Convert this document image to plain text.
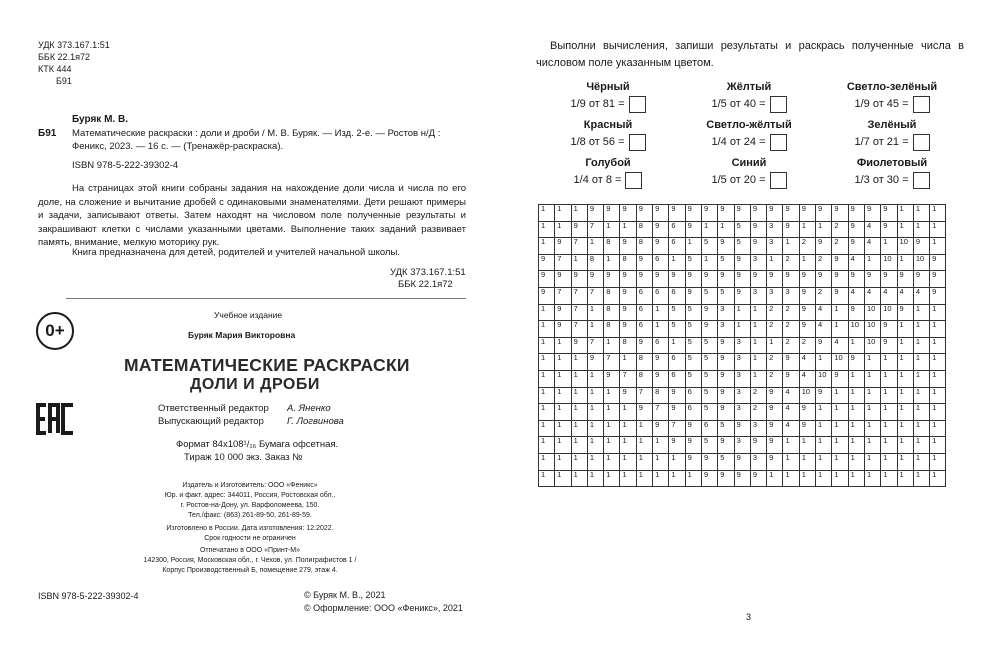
УДК 373.167.1:51
ББК 22.1я72
КТК 444
Б91
Буряк М. В.
Б91 Математические раскраски : доли и дроби / М. В. Буряк. — Изд. 2-е. — Ростов н/Д :
Феникс, 2023. — 16 с. — (Тренажёр-раскраска).
ISBN 978-5-222-39302-4
На страницах этой книги собраны задания на нахождение доли числа и числа по его доле, на сложение и вычитание дробей с одинаковыми знаменателями. Дети решают примеры и задачи, записывают ответы. Затем находят на числовом поле полученные результаты и закрашивают клетки с числами указанными цветами. Выполнение таких заданий развивает память, внимание, мелкую моторику рук.
Книга предназначена для детей, родителей и учителей начальной школы.
УДК 373.167.1:51
ББК 22.1я72
Учебное издание
0+	Буряк Мария Викторовна
МАТЕМАТИЧЕСКИЕ РАСКРАСКИ
ДОЛИ И ДРОБИ
Ответственный редактор А. Яненко
Выпускающий редактор Г. Логвинова
Формат 84x108¹/₁₆ Бумага офсетная.
Тираж 10 000 экз. Заказ №
Издатель и Изготовитель: ООО «Феникс»
Юр. и факт. адрес: 344011, Россия, Ростовская обл.,
г. Ростов-на-Дону, ул. Варфоломеева, 150.
Тел./факс: (863) 261-89-50, 261-89-59.
Изготовлено в России. Дата изготовления: 12.2022.
Срок годности не ограничен
Отпечатано в ООО «Принт-М»
142300, Россия, Московская обл., г. Чехов, ул. Полиграфистов 1 /
Корпус Производственный Б, помещение 279, этаж 4.
ISBN 978-5-222-39302-4	© Буряк М. В., 2021
© Оформление: ООО «Феникс», 2021
Выполни вычисления, запиши результаты и раскрась полученные числа в числовом поле указанным цветом.
Чёрный
1/9 от 81 =
Жёлтый
1/5 от 40 =
Светло-зелёный
1/9 от 45 =
Красный
1/8 от 56 =
Светло-жёлтый
1/4 от 24 =
Зелёный
1/7 от 21 =
Голубой
1/4 от 8 =
Синий
1/5 от 20 =
Фиолетовый
1/3 от 30 =
1	1	1	9	9	9	9	9	9	9	9	9	9	9	9	9	9	9	9	9	9	9	1	1	1
1	1	9	7	1	1	8	9	6	9	1	1	5	9	3	9	1	1	2	9	4	9	1	1	1
1	9	7	1	8	9	8	9	6	1	5	9	5	9	3	1	2	9	2	9	4	1	10	9	1
9	7	1	8	1	8	9	6	1	5	1	5	9	3	1	2	1	2	9	4	1	10	1	10	9
9	9	9	9	9	9	9	9	9	9	9	9	9	9	9	9	9	9	9	9	9	9	9	9	9
9	7	7	7	8	9	6	6	6	9	5	5	9	3	3	3	9	2	9	4	4	4	4	4	9
1	9	7	1	8	9	6	1	5	5	9	3	1	1	2	2	9	4	1	9	10	10	9	1	1
1	9	7	1	8	9	6	1	5	5	9	3	1	1	2	2	9	4	1	10	10	9	1	1	1
1	1	9	7	1	8	9	6	1	5	5	9	3	1	1	2	2	9	4	1	10	9	1	1	1
1	1	1	9	7	1	8	9	6	5	5	9	3	1	2	9	4	1	10	9	1	1	1	1	1
1	1	1	1	9	7	8	9	6	5	5	9	3	1	2	9	4	10	9	1	1	1	1	1	1
1	1	1	1	1	9	7	8	9	6	5	9	3	2	9	4	10	9	1	1	1	1	1	1	1
1	1	1	1	1	1	9	7	9	6	5	9	3	2	9	4	9	1	1	1	1	1	1	1	1
1	1	1	1	1	1	1	9	7	9	6	5	9	3	9	4	9	1	1	1	1	1	1	1	1
1	1	1	1	1	1	1	1	9	9	5	9	3	9	9	1	1	1	1	1	1	1	1	1	1
1	1	1	1	1	1	1	1	1	9	9	5	9	3	9	1	1	1	1	1	1	1	1	1	1
1	1	1	1	1	1	1	1	1	1	9	9	9	9	1	1	1	1	1	1	1	1	1	1	1
3
